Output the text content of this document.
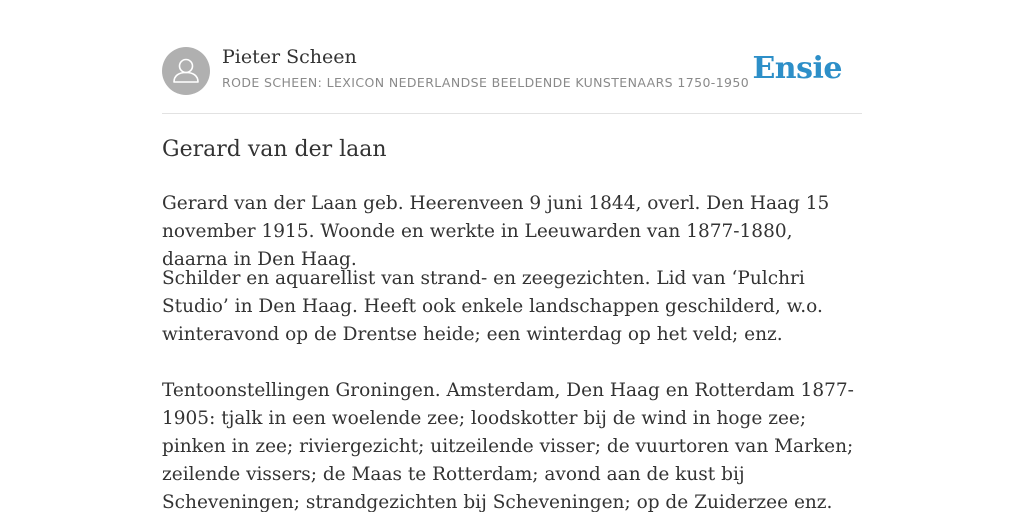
Pieter Scheen
RODE SCHEEN: LEXICON NEDERLANDSE BEELDENDE KUNSTENAARS 1750-1950 Ensie
Gerard van der laan

Gerard van der Laan geb. Heerenveen 9 juni 1844, overl. Den Haag 15 november 1915. Woonde en werkte in Leeuwarden van 1877-1880, daarna in Den Haag.

Schilder en aquarellist van strand- en zeegezichten. Lid van ‘Pulchri Studio’ in Den Haag. Heeft ook enkele landschappen geschilderd, w.o. winteravond op de Drentse heide; een winterdag op het veld; enz.

Tentoonstellingen Groningen. Amsterdam, Den Haag en Rotterdam 1877-1905: tjalk in een woelende zee; loodskotter bij de wind in hoge zee; pinken in zee; riviergezicht; uitzeilende visser; de vuurtoren van Marken; zeilende vissers; de Maas te Rotterdam; avond aan de kust bij Scheveningen; strandgezichten bij Scheveningen; op de Zuiderzee enz.
